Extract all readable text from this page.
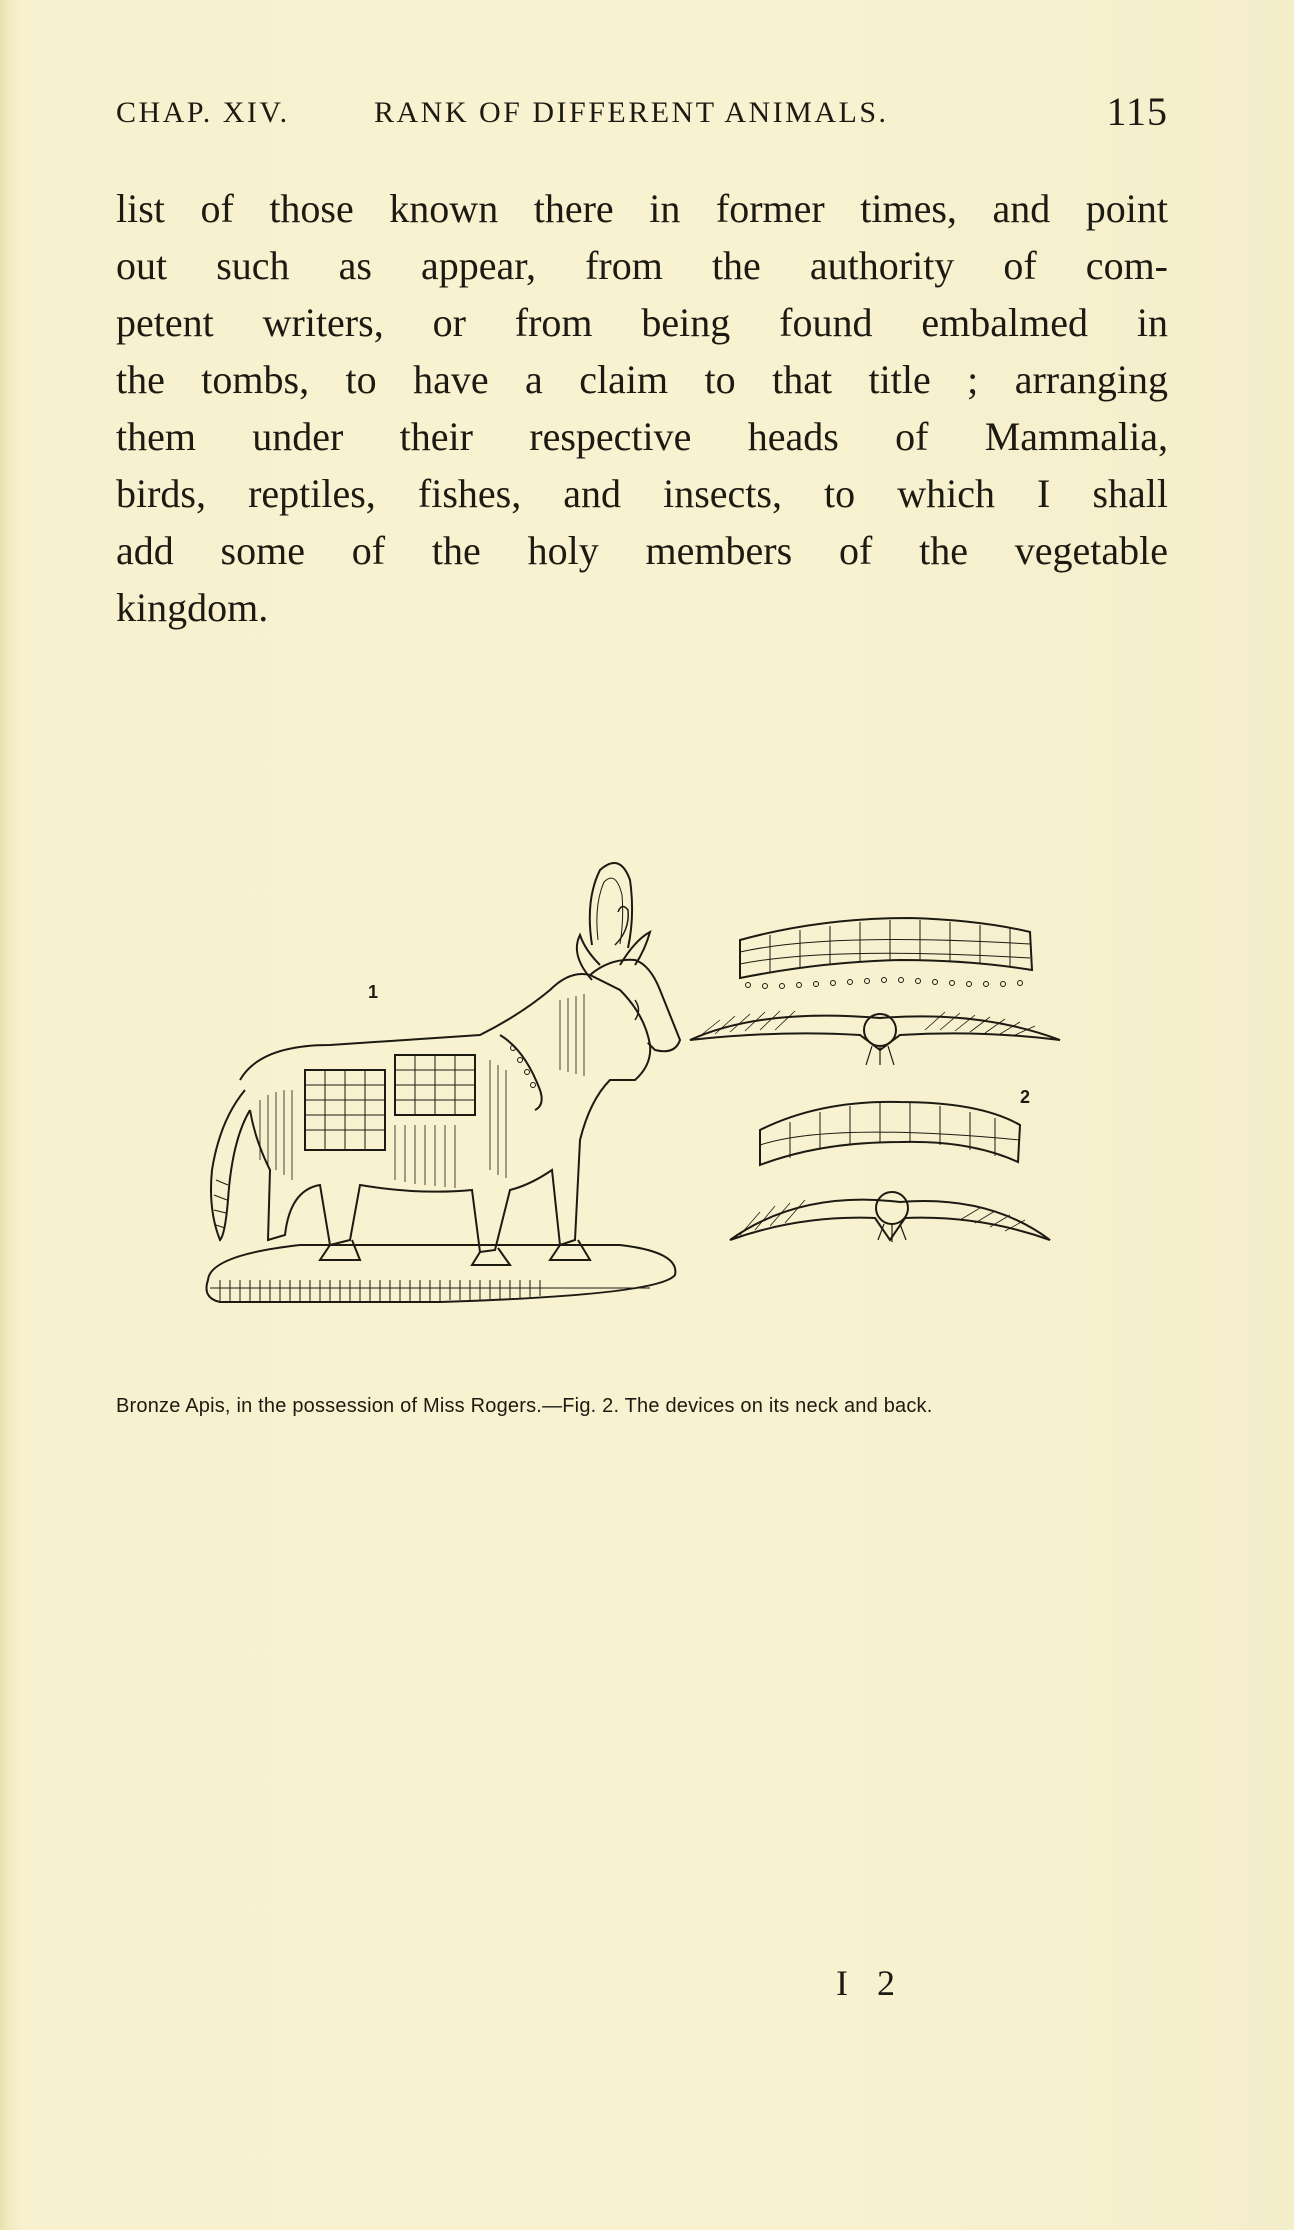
CHAP. XIV.	RANK OF DIFFERENT ANIMALS.	115
list of those known there in former times, and point
out such as appear, from the authority of com-
petent writers, or from being found embalmed in
the tombs, to have a claim to that title ; arranging
them under their respective heads of Mammalia,
birds, reptiles, fishes, and insects, to which I shall
add some of the holy members of the vegetable
kingdom.
1
2
Bronze Apis, in the possession of Miss Rogers.—Fig. 2. The devices on its neck and back.
I 2
